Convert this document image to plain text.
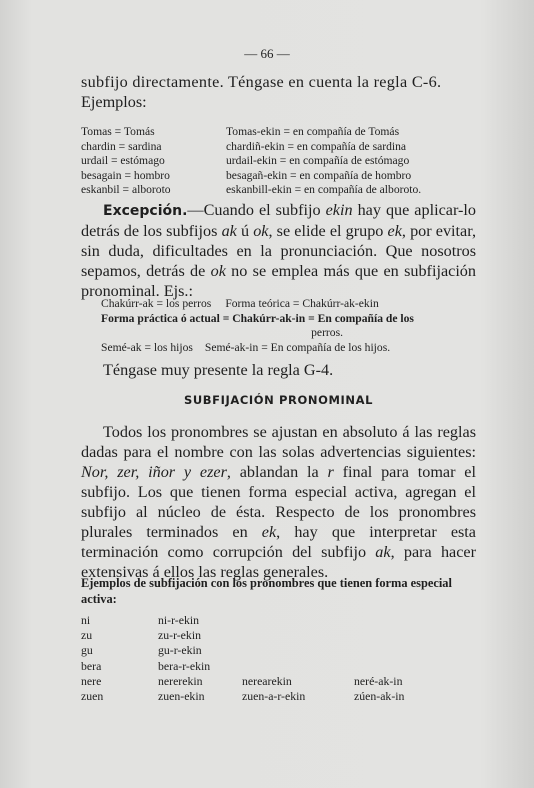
— 66 —

subfijo directamente. Téngase en cuenta la regla C-6.

Ejemplos:

Tomas = Tomás	Tomas-ekin = en compañía de Tomás
chardin = sardina	chardiñ-ekin = en compañía de sardina
urdail = estómago	urdail-ekin = en compañía de estómago
besagain = hombro	besagañ-ekin = en compañía de hombro
eskanbil = alboroto	eskanbill-ekin = en compañía de alboroto.

Excepción.—Cuando el subfijo ekin hay que aplicar-lo detrás de los subfijos ak ú ok, se elide el grupo ek, por evitar, sin duda, dificultades en la pronunciación. Que nosotros sepamos, detrás de ok no se emplea más que en subfijación pronominal. Ejs.:

Chakúrr-ak = los perros Forma teórica = Chakúrr-ak-ekin
Forma práctica ó actual = Chakúrr-ak-in = En compañía de los
perros.
Semé-ak = los hijos Semé-ak-in = En compañía de los hijos.

Téngase muy presente la regla G-4.

SUBFIJACIÓN PRONOMINAL

Todos los pronombres se ajustan en absoluto á las reglas dadas para el nombre con las solas advertencias siguientes: Nor, zer, iñor y ezer, ablandan la r final para tomar el subfijo. Los que tienen forma especial activa, agregan el subfijo al núcleo de ésta. Respecto de los pronombres plurales terminados en ek, hay que interpretar esta terminación como corrupción del subfijo ak, para hacer extensivas á ellos las reglas generales.

Ejemplos de subfijación con los pronombres que tienen forma especial activa:

ni	ni-r-ekin
zu	zu-r-ekin
gu	gu-r-ekin
bera	bera-r-ekin
nere	nererekin	nerearekin	neré-ak-in
zuen	zuen-ekin	zuen-a-r-ekin	zúen-ak-in
